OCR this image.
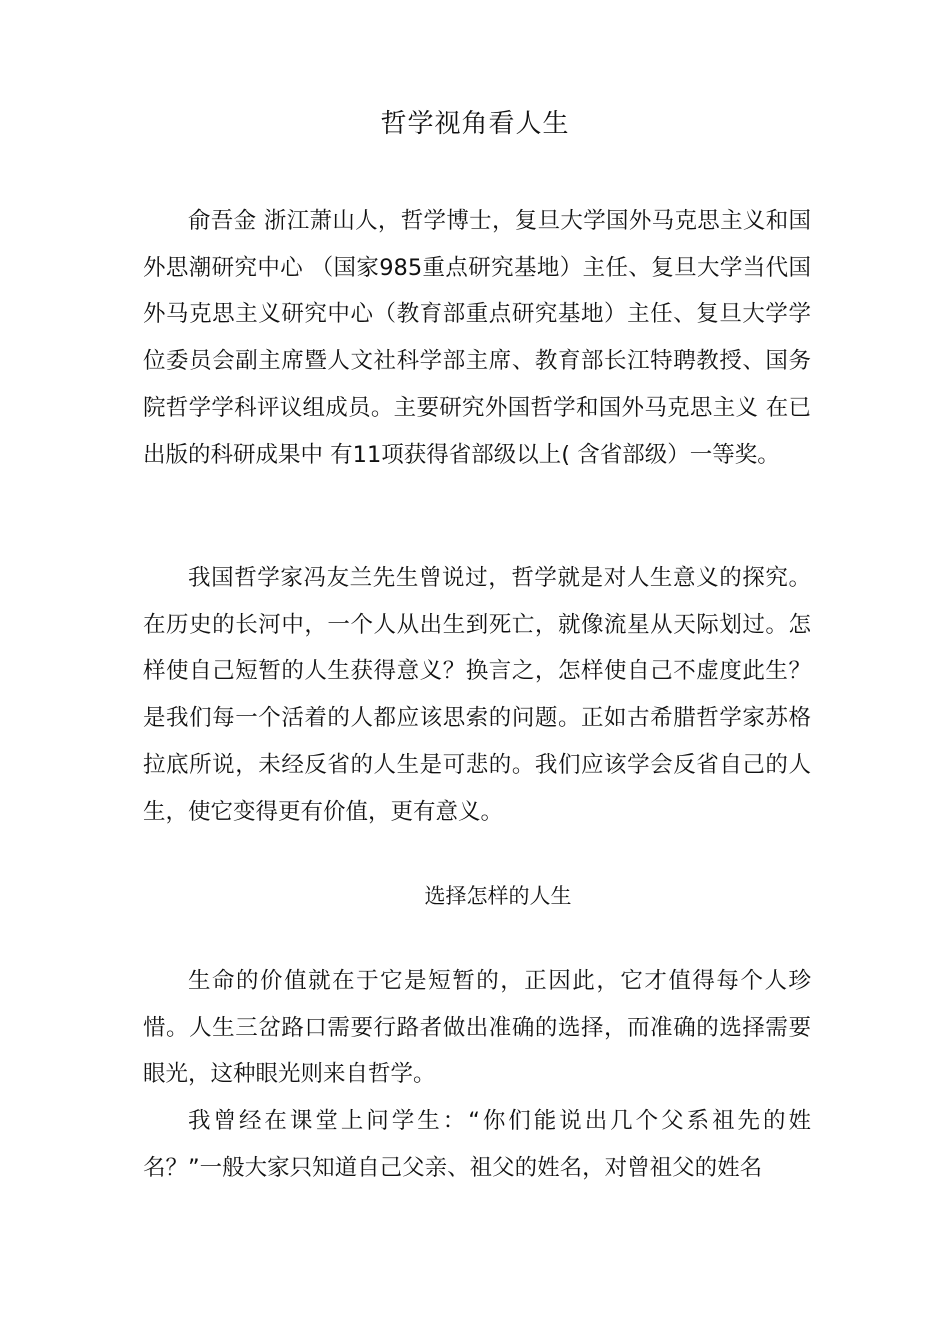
哲学视角看人生

俞吾金 浙江萧山人，哲学博士，复旦大学国外马克思主义和国外思潮研究中心 （国家985重点研究基地）主任、复旦大学当代国外马克思主义研究中心（教育部重点研究基地）主任、复旦大学学位委员会副主席暨人文社科学部主席、教育部长江特聘教授、国务院哲学学科评议组成员。主要研究外国哲学和国外马克思主义 在已出版的科研成果中 有11项获得省部级以上( 含省部级）一等奖。

我国哲学家冯友兰先生曾说过，哲学就是对人生意义的探究。在历史的长河中，一个人从出生到死亡，就像流星从天际划过。怎样使自己短暂的人生获得意义？换言之，怎样使自己不虚度此生？是我们每一个活着的人都应该思索的问题。正如古希腊哲学家苏格拉底所说，未经反省的人生是可悲的。我们应该学会反省自己的人生，使它变得更有价值，更有意义。

选择怎样的人生

生命的价值就在于它是短暂的，正因此，它才值得每个人珍惜。人生三岔路口需要行路者做出准确的选择，而准确的选择需要眼光，这种眼光则来自哲学。

我曾经在课堂上问学生：“你们能说出几个父系祖先的姓名？”一般大家只知道自己父亲、祖父的姓名，对曾祖父的姓名
